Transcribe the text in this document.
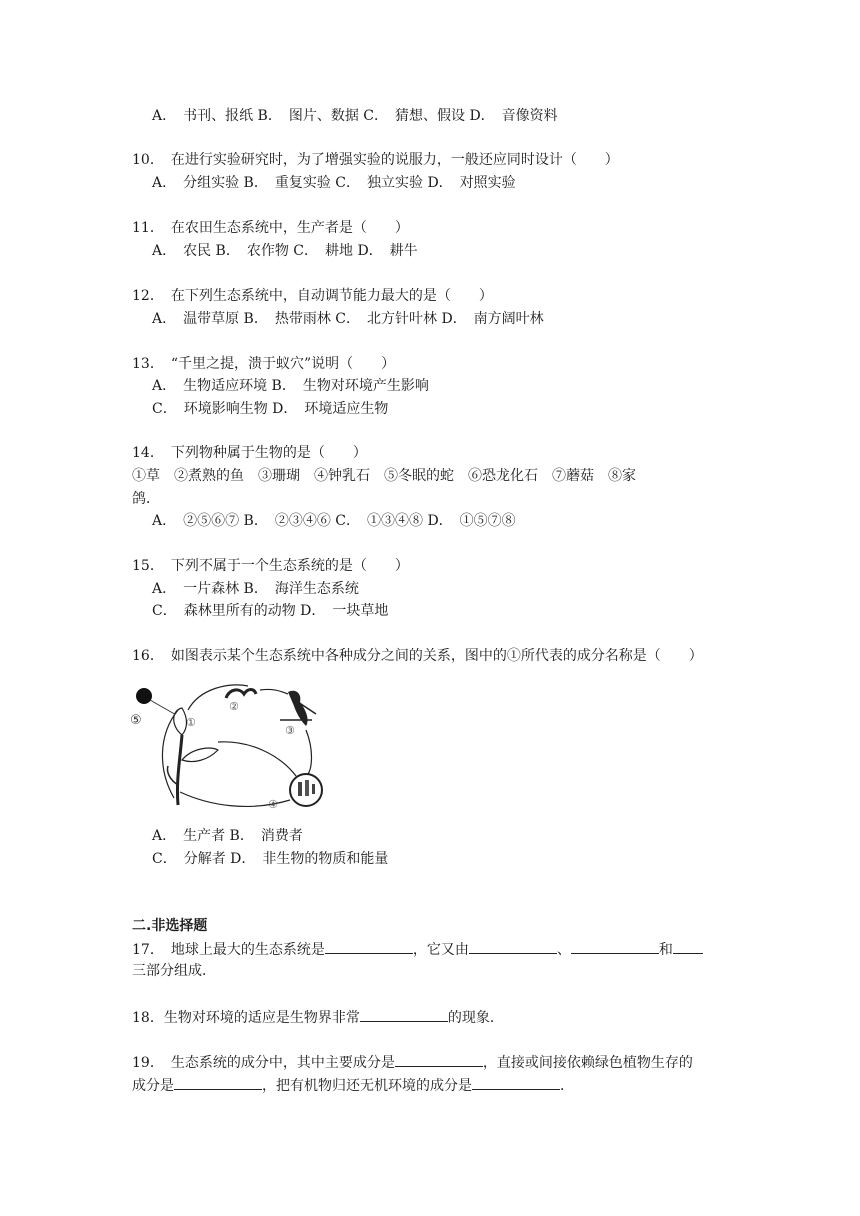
A．　书刊、报纸 B．　图片、数据 C．　猜想、假设 D．　音像资料
10．　在进行实验研究时，为了增强实验的说服力，一般还应同时设计（　　）
A．　分组实验 B．　重复实验 C．　独立实验 D．　对照实验
11．　在农田生态系统中，生产者是（　　）
A．　农民 B．　农作物 C．　耕地 D．　耕牛
12．　在下列生态系统中，自动调节能力最大的是（　　）
A．　温带草原 B．　热带雨林 C．　北方针叶林 D．　南方阔叶林
13．　“千里之提，溃于蚁穴”说明（　　）
A．　生物适应环境 B．　生物对环境产生影响
C．　环境影响生物 D．　环境适应生物
14．　下列物种属于生物的是（　　）
①草　②煮熟的鱼　③珊瑚　④钟乳石　⑤冬眠的蛇　⑥恐龙化石　⑦蘑菇　⑧家
鸽．
A．　②⑤⑥⑦ B．　②③④⑥ C．　①③④⑧ D．　①⑤⑦⑧
15．　下列不属于一个生态系统的是（　　）
A．　一片森林 B．　海洋生态系统
C．　森林里所有的动物 D．　一块草地
16．　如图表示某个生态系统中各种成分之间的关系，图中的①所代表的成分名称是（　　）
⑤	①
②
③
④
A．　生产者 B．　消费者
C．　分解者 D．　非生物的物质和能量
二.非选择题
17．　地球上最大的生态系统是	，它又由	、	和
三部分组成．
18．生物对环境的适应是生物界非常	的现象．
19．　生态系统的成分中，其中主要成分是	，直接或间接依赖绿色植物生存的
成分是	，把有机物归还无机环境的成分是	．
